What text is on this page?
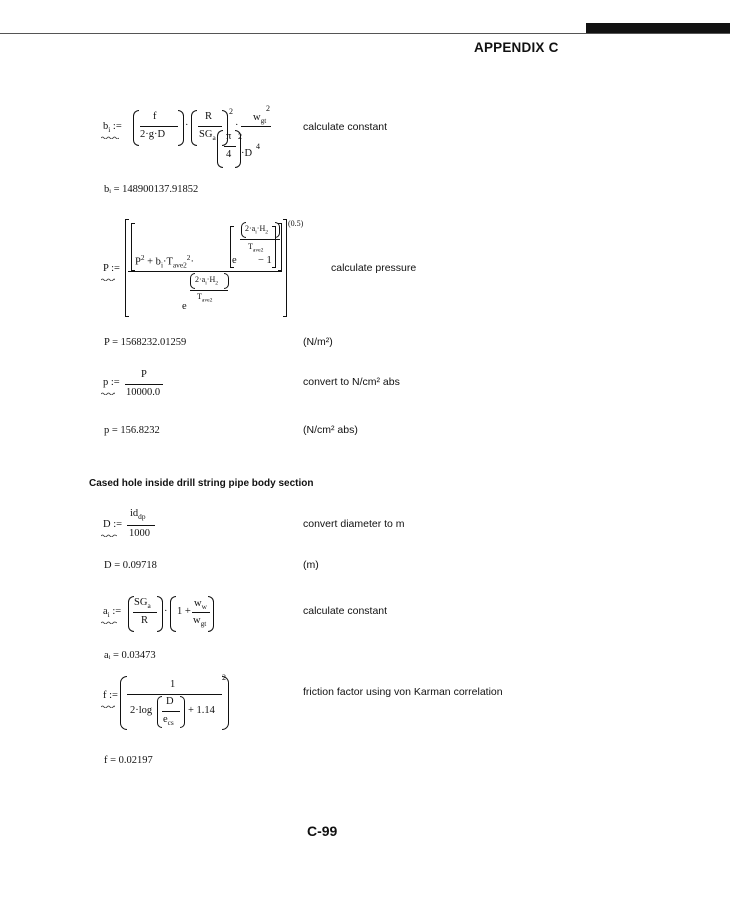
APPENDIX C
$b_i$ :=
f
2·g·D
·
R
$SG_a$
2
·
$w_{gt}$
2
π
4
2
·D
4
calculate constant
bᵢ = 148900137.91852
P :=
(0.5)
$P^2 + b_i\cdot T_{ave2}^2\cdot$	e − 1
$2\cdot a_i\cdot H_2$
$T_{ave2}$
$2\cdot a_i\cdot H_2$
$T_{ave2}$
e
calculate pressure
P = 1568232.01259	(N/m²)
p :=
P
10000.0
convert to N/cm² abs
p = 156.8232	(N/cm² abs)
Cased hole inside drill string pipe body section
D :=
$id_{dp}$
1000
convert diameter to m
D = 0.09718	(m)
$a_i$ :=
$SG_a$
R
· 1 +
$w_w$
$w_{gt}$
calculate constant
aᵢ = 0.03473
f :=
1
2·log
D
$e_{cs}$
+ 1.14
2
friction factor using von Karman correlation
f = 0.02197
C-99
